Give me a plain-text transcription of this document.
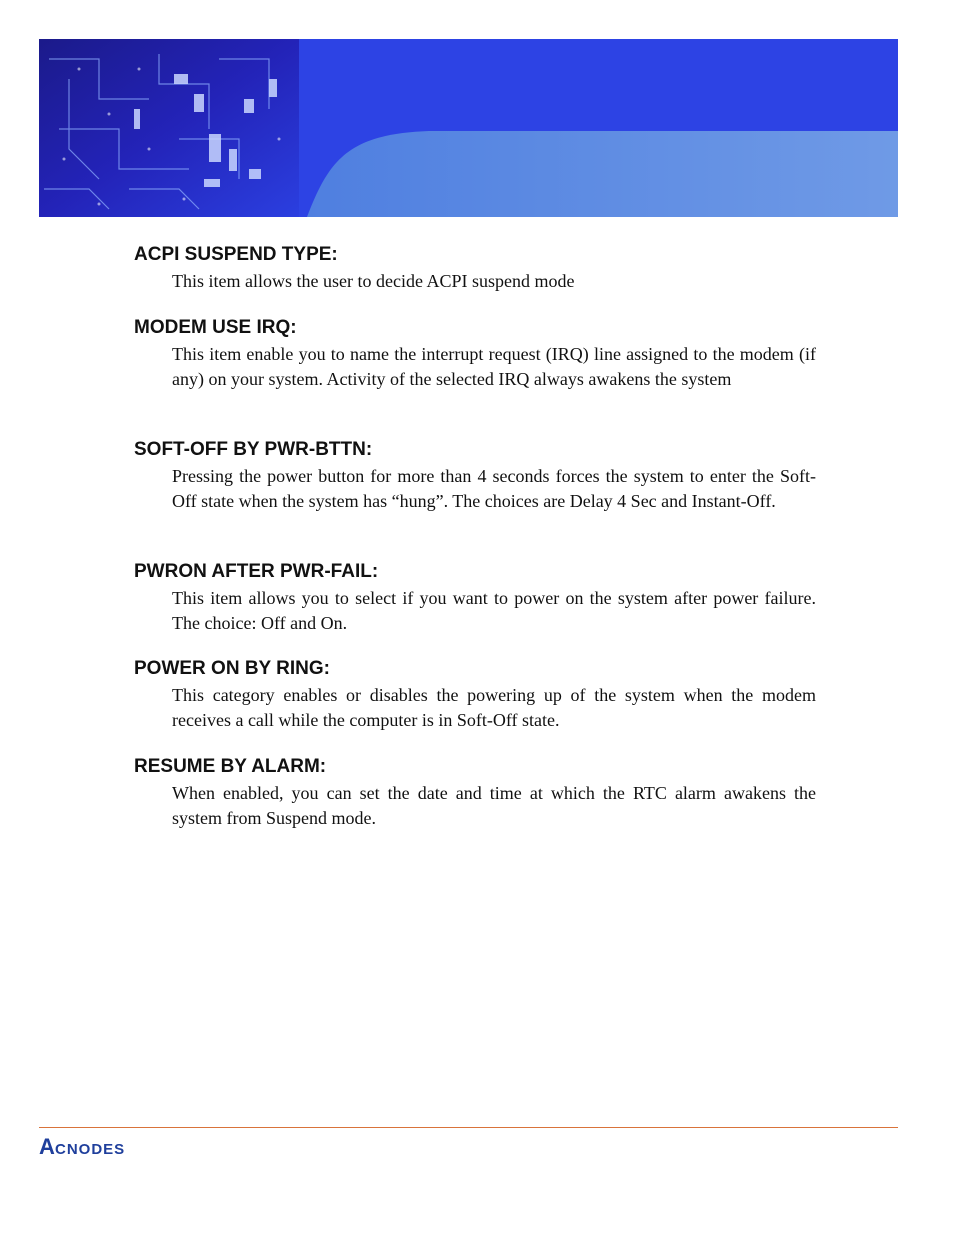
ACPI SUSPEND TYPE:

This item allows the user to decide ACPI suspend mode

MODEM USE IRQ:

This item enable you to name the interrupt request (IRQ) line assigned to the modem (if any) on your system. Activity of the selected IRQ always awakens the system

SOFT-OFF BY PWR-BTTN:

Pressing the power button for more than 4 seconds forces the system to enter the Soft-Off state when the system has “hung”. The choices are Delay 4 Sec and Instant-Off.

PWRON AFTER PWR-FAIL:

This item allows you to select if you want to power on the system after power failure. The choice: Off and On.

POWER ON BY RING:

This category enables or disables the powering up of the system when the modem receives a call while the computer is in Soft-Off state.

RESUME BY ALARM:

When enabled, you can set the date and time at which the RTC alarm awakens the system from Suspend mode.

A CNODES
